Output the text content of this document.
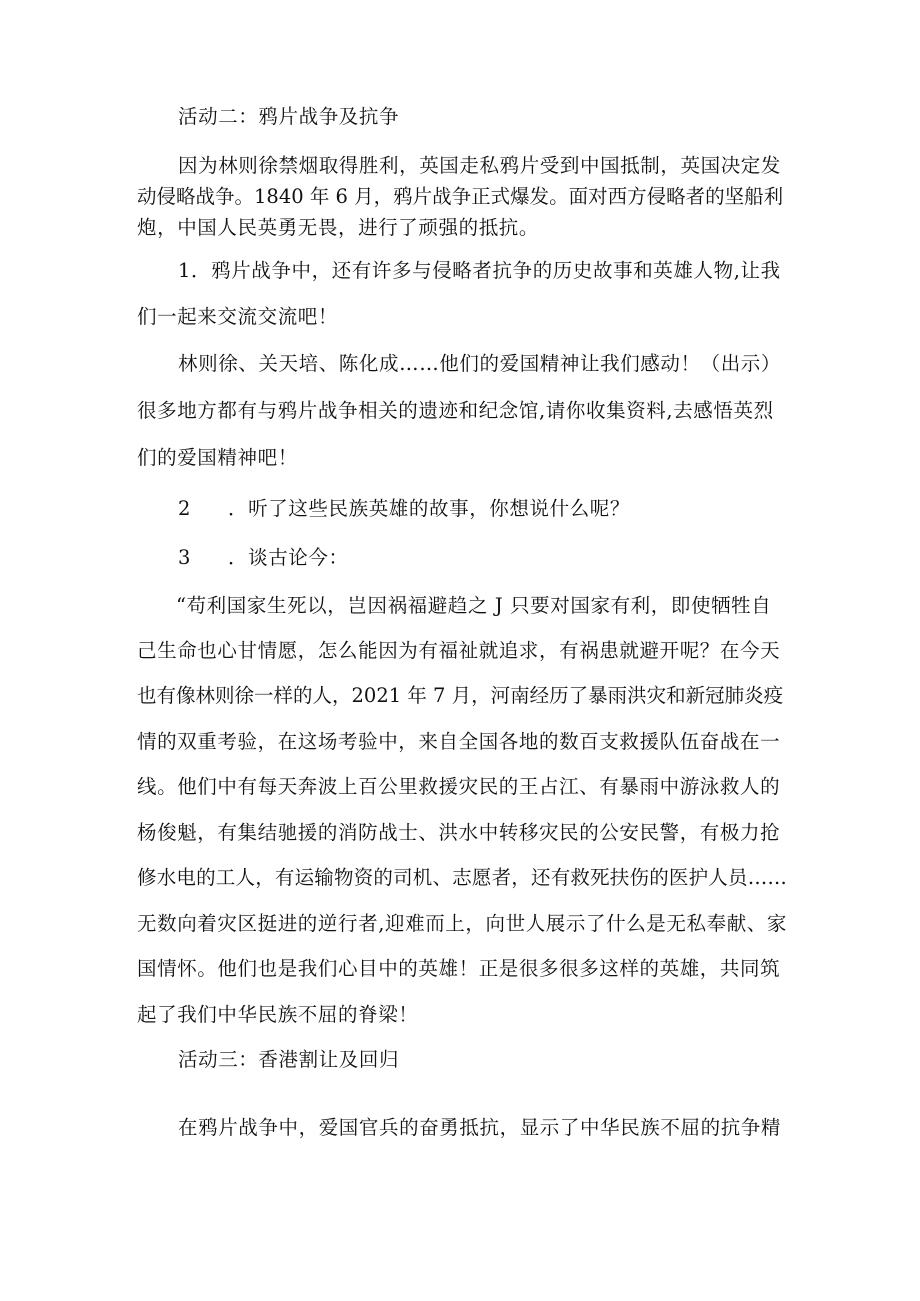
活动二：鸦片战争及抗争
因为林则徐禁烟取得胜利，英国走私鸦片受到中国抵制，英国决定发
动侵略战争。1840 年 6 月，鸦片战争正式爆发。面对西方侵略者的坚船利
炮，中国人民英勇无畏，进行了顽强的抵抗。
1．鸦片战争中，还有许多与侵略者抗争的历史故事和英雄人物,让我
们一起来交流交流吧！
林则徐、关天培、陈化成……他们的爱国精神让我们感动！（出示）
很多地方都有与鸦片战争相关的遗迹和纪念馆,请你收集资料,去感悟英烈
们的爱国精神吧！
2 ．听了这些民族英雄的故事，你想说什么呢？
3 ．谈古论今：
“苟利国家生死以，岂因祸福避趋之 J 只要对国家有利，即使牺牲自
己生命也心甘情愿，怎么能因为有福祉就追求，有祸患就避开呢？在今天
也有像林则徐一样的人，2021 年 7 月，河南经历了暴雨洪灾和新冠肺炎疫
情的双重考验，在这场考验中，来自全国各地的数百支救援队伍奋战在一
线。他们中有每天奔波上百公里救援灾民的王占江、有暴雨中游泳救人的
杨俊魁，有集结驰援的消防战士、洪水中转移灾民的公安民警，有极力抢
修水电的工人，有运输物资的司机、志愿者，还有救死扶伤的医护人员……
无数向着灾区挺进的逆行者,迎难而上，向世人展示了什么是无私奉献、家
国情怀。他们也是我们心目中的英雄！正是很多很多这样的英雄，共同筑
起了我们中华民族不屈的脊梁！
活动三：香港割让及回归
在鸦片战争中，爱国官兵的奋勇抵抗，显示了中华民族不屈的抗争精
